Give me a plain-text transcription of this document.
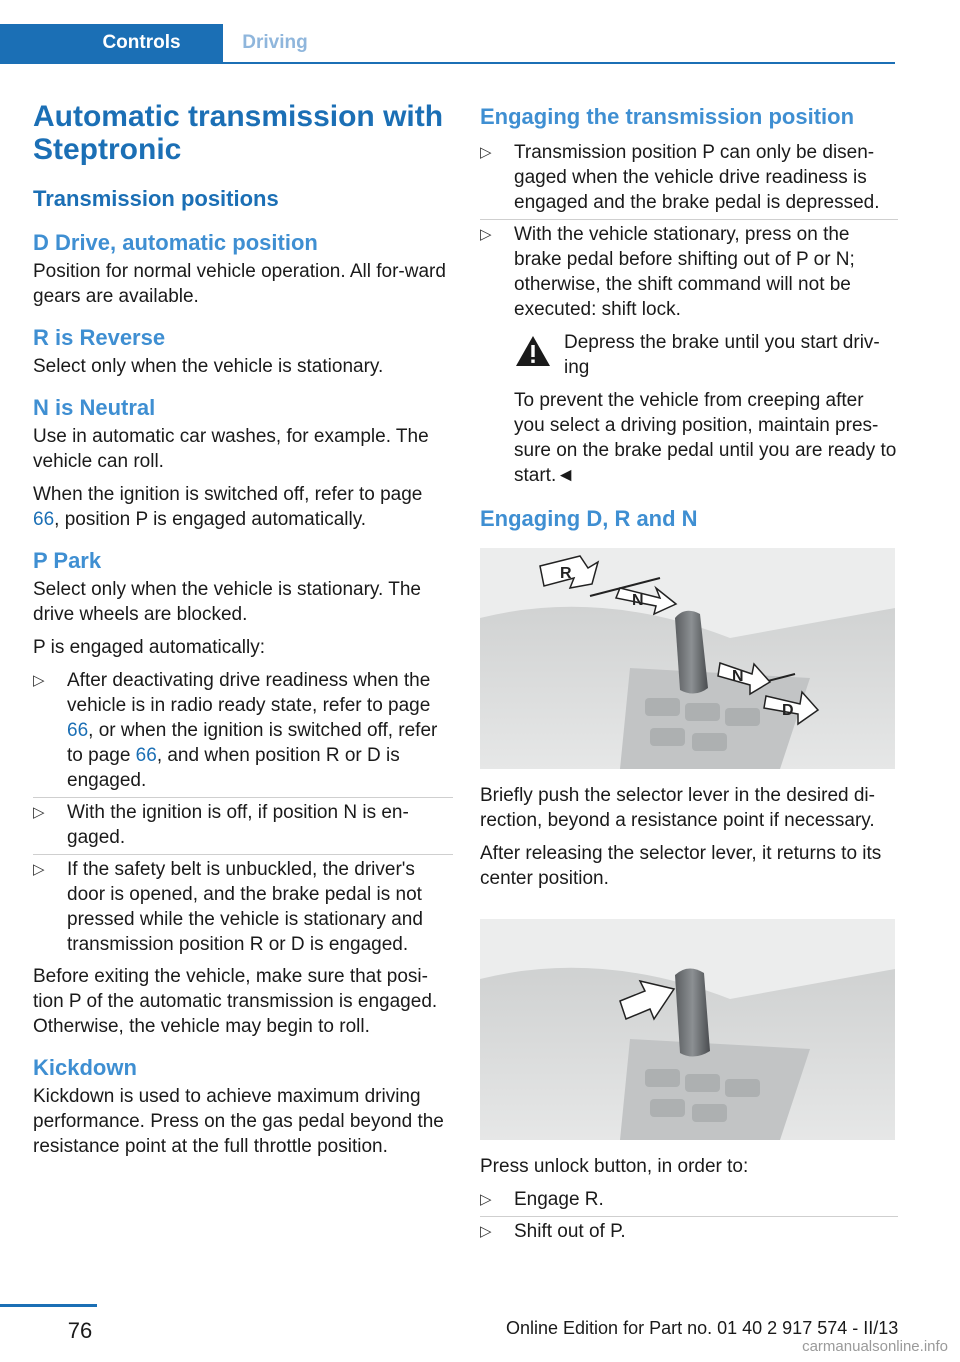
Controls	Driving
Automatic transmission with Steptronic
Transmission positions
D Drive, automatic position

Position for normal vehicle operation. All for-ward gears are available.

R is Reverse

Select only when the vehicle is stationary.

N is Neutral

Use in automatic car washes, for example. The vehicle can roll.

When the ignition is switched off, refer to page 66, position P is engaged automatically.

P Park

Select only when the vehicle is stationary. The drive wheels are blocked.

P is engaged automatically:

▷ After deactivating drive readiness when the vehicle is in radio ready state, refer to page 66, or when the ignition is switched off, refer to page 66, and when position R or D is engaged.
▷ With the ignition is off, if position N is en-gaged.
▷ If the safety belt is unbuckled, the driver's door is opened, and the brake pedal is not pressed while the vehicle is stationary and transmission position R or D is engaged.

Before exiting the vehicle, make sure that posi-tion P of the automatic transmission is engaged. Otherwise, the vehicle may begin to roll.

Kickdown

Kickdown is used to achieve maximum driving performance. Press on the gas pedal beyond the resistance point at the full throttle position.

Engaging the transmission position
▷ Transmission position P can only be disen-gaged when the vehicle drive readiness is engaged and the brake pedal is depressed.
▷ With the vehicle stationary, press on the brake pedal before shifting out of P or N; otherwise, the shift command will not be executed: shift lock.
Depress the brake until you start driv-ing

To prevent the vehicle from creeping after you select a driving position, maintain pres-sure on the brake pedal until you are ready to start.◄

Engaging D, R and N
R
N
N
D

Briefly push the selector lever in the desired di-rection, beyond a resistance point if necessary.

After releasing the selector lever, it returns to its center position.

Press unlock button, in order to:

▷ Engage R.
▷ Shift out of P.
76	Online Edition for Part no. 01 40 2 917 574 - II/13
carmanualsonline.info
